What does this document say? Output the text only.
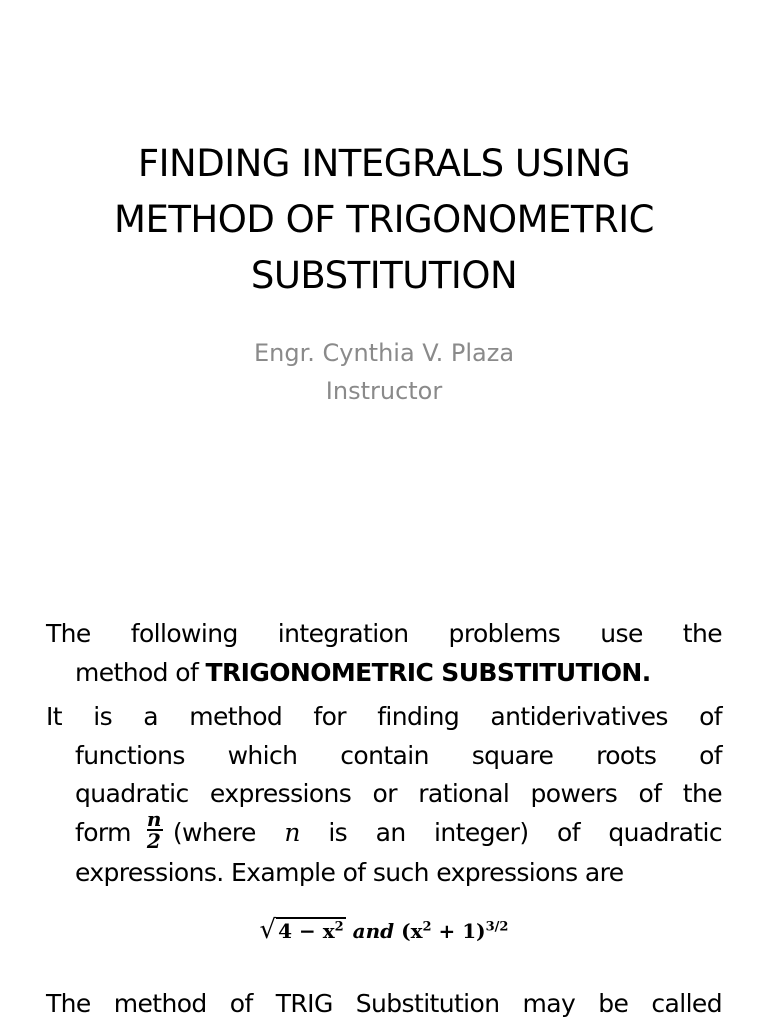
FINDING INTEGRALS USING
METHOD OF TRIGONOMETRIC
SUBSTITUTION
Engr. Cynthia V. Plaza
Instructor
The following integration problems use the
method of TRIGONOMETRIC SUBSTITUTION.
It is a method for finding antiderivatives of
functions which contain square roots of
quadratic expressions or rational powers of the
form $\frac{n}{2}$ (where n is an integer) of quadratic
expressions. Example of such expressions are
√ $4 - x^2$ and $(x^2 + 1)^{3/2}$
The method of TRIG Substitution may be called
